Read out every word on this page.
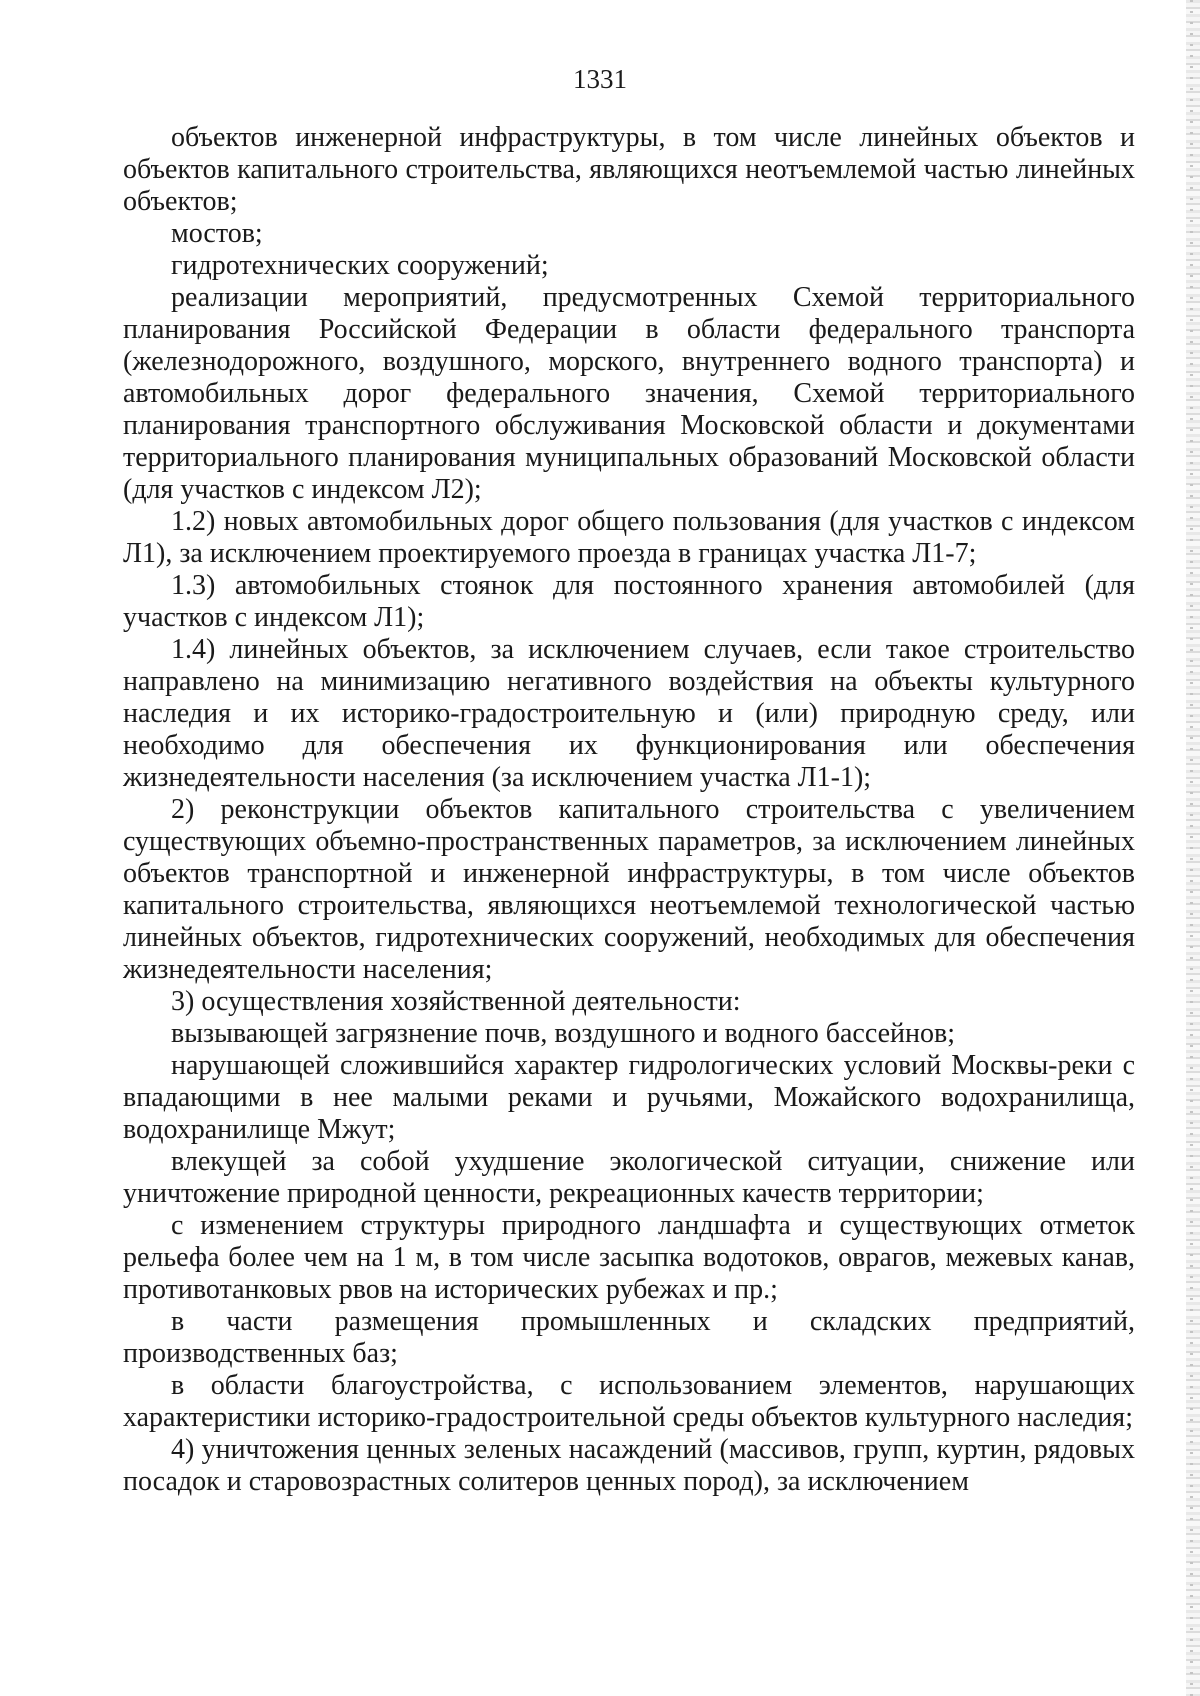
1331

объектов инженерной инфраструктуры, в том числе линейных объектов и объектов капитального строительства, являющихся неотъемлемой частью линейных объектов;

мостов;

гидротехнических сооружений;

реализации мероприятий, предусмотренных Схемой территориального планирования Российской Федерации в области федерального транспорта (железнодорожного, воздушного, морского, внутреннего водного транспорта) и автомобильных дорог федерального значения, Схемой территориального планирования транспортного обслуживания Московской области и документами территориального планирования муниципальных образований Московской области (для участков с индексом Л2);

1.2) новых автомобильных дорог общего пользования (для участков с индексом Л1), за исключением проектируемого проезда в границах участка Л1-7;

1.3) автомобильных стоянок для постоянного хранения автомобилей (для участков с индексом Л1);

1.4) линейных объектов, за исключением случаев, если такое строительство направлено на минимизацию негативного воздействия на объекты культурного наследия и их историко-градостроительную и (или) природную среду, или необходимо для обеспечения их функционирования или обеспечения жизнедеятельности населения (за исключением участка Л1-1);

2) реконструкции объектов капитального строительства с увеличением существующих объемно-пространственных параметров, за исключением линейных объектов транспортной и инженерной инфраструктуры, в том числе объектов капитального строительства, являющихся неотъемлемой технологической частью линейных объектов, гидротехнических сооружений, необходимых для обеспечения жизнедеятельности населения;

3) осуществления хозяйственной деятельности:

вызывающей загрязнение почв, воздушного и водного бассейнов;

нарушающей сложившийся характер гидрологических условий Москвы-реки с впадающими в нее малыми реками и ручьями, Можайского водохранилища, водохранилище Мжут;

влекущей за собой ухудшение экологической ситуации, снижение или уничтожение природной ценности, рекреационных качеств территории;

с изменением структуры природного ландшафта и существующих отметок рельефа более чем на 1 м, в том числе засыпка водотоков, оврагов, межевых канав, противотанковых рвов на исторических рубежах и пр.;

в части размещения промышленных и складских предприятий, производственных баз;

в области благоустройства, с использованием элементов, нарушающих характеристики историко-градостроительной среды объектов культурного наследия;

4) уничтожения ценных зеленых насаждений (массивов, групп, куртин, рядовых посадок и старовозрастных солитеров ценных пород), за исключением
